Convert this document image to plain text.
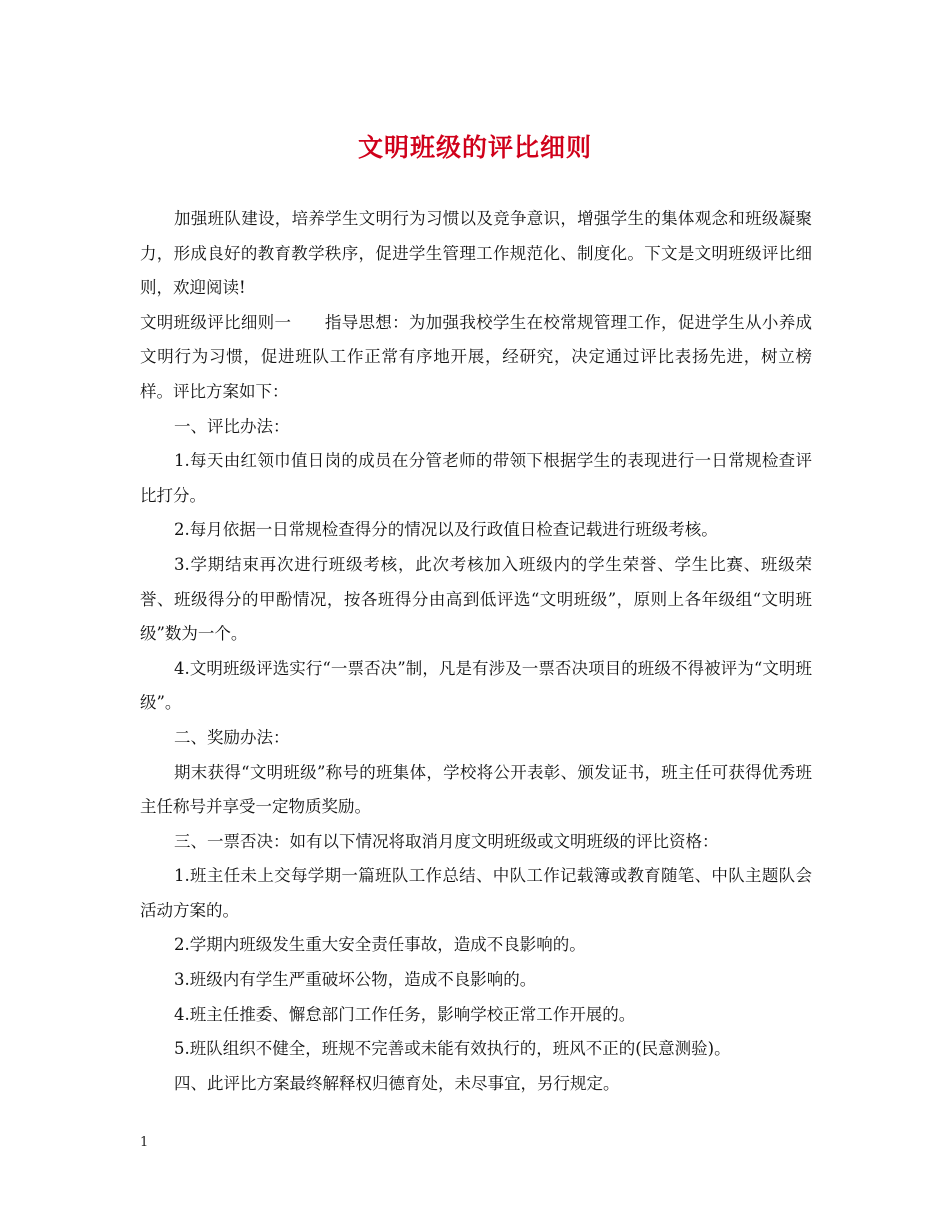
文明班级的评比细则

加强班队建设，培养学生文明行为习惯以及竞争意识，增强学生的集体观念和班级凝聚力，形成良好的教育教学秩序，促进学生管理工作规范化、制度化。下文是文明班级评比细则，欢迎阅读!

文明班级评比细则一　　指导思想：为加强我校学生在校常规管理工作，促进学生从小养成文明行为习惯，促进班队工作正常有序地开展，经研究，决定通过评比表扬先进，树立榜样。评比方案如下：

一、评比办法：

1.每天由红领巾值日岗的成员在分管老师的带领下根据学生的表现进行一日常规检查评比打分。

2.每月依据一日常规检查得分的情况以及行政值日检查记载进行班级考核。

3.学期结束再次进行班级考核，此次考核加入班级内的学生荣誉、学生比赛、班级荣誉、班级得分的甲酚情况，按各班得分由高到低评选“文明班级”，原则上各年级组“文明班级”数为一个。

4.文明班级评选实行“一票否决”制，凡是有涉及一票否决项目的班级不得被评为“文明班级”。

二、奖励办法：

期末获得“文明班级”称号的班集体，学校将公开表彰、颁发证书，班主任可获得优秀班主任称号并享受一定物质奖励。

三、一票否决：如有以下情况将取消月度文明班级或文明班级的评比资格：

1.班主任未上交每学期一篇班队工作总结、中队工作记载簿或教育随笔、中队主题队会活动方案的。

2.学期内班级发生重大安全责任事故，造成不良影响的。

3.班级内有学生严重破坏公物，造成不良影响的。

4.班主任推委、懈怠部门工作任务，影响学校正常工作开展的。

5.班队组织不健全，班规不完善或未能有效执行的，班风不正的(民意测验)。

四、此评比方案最终解释权归德育处，未尽事宜，另行规定。

1
